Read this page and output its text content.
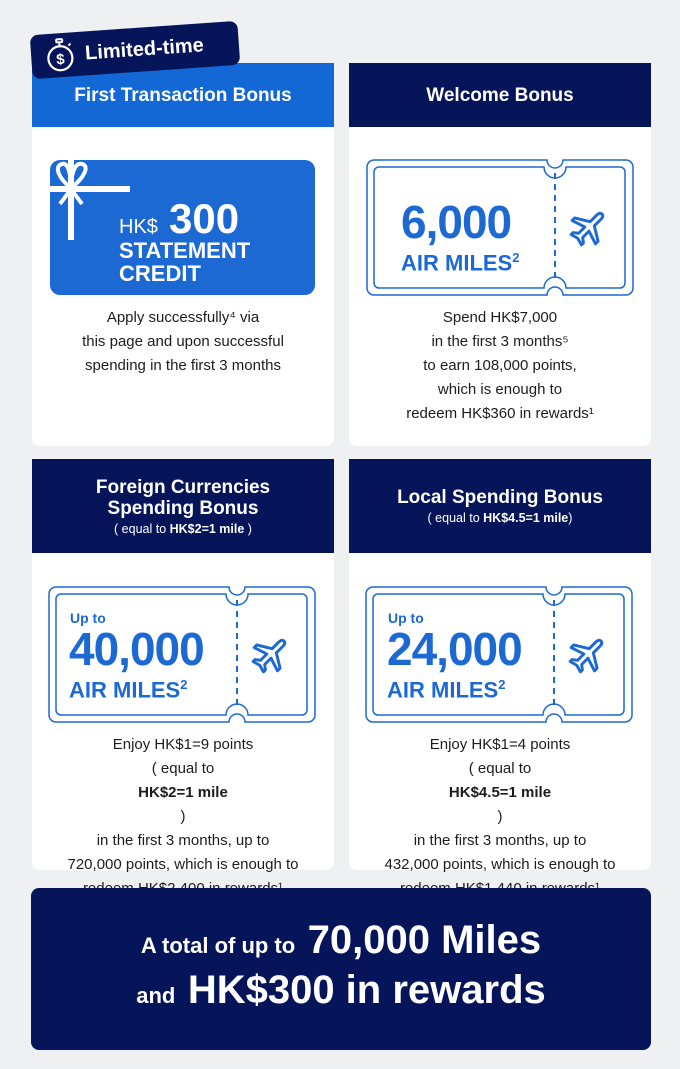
First Transaction Bonus
HK$ 300
STATEMENT
CREDIT
Apply successfully⁴ via
this page and upon successful
spending in the first 3 months
Welcome Bonus
6,000
AIR MILES$^2$
Spend HK$7,000
in the first 3 months⁵
to earn 108,000 points,
which is enough to
redeem HK$360 in rewards¹
Foreign Currencies
Spending Bonus
( equal to HK$2=1 mile )
Up to
40,000
AIR MILES$^2$
Enjoy HK$1=9 points
( equal to
HK$2=1 mile
)
in the first 3 months, up to
720,000 points, which is enough to
Local Spending Bonus
( equal to HK$4.5=1 mile)
Up to
24,000
AIR MILES$^2$
Enjoy HK$1=4 points
( equal to
HK$4.5=1 mile
)
in the first 3 months, up to
432,000 points, which is enough to
$ Limited-time
A total of up to 70,000 Miles
and HK$300 in rewards
